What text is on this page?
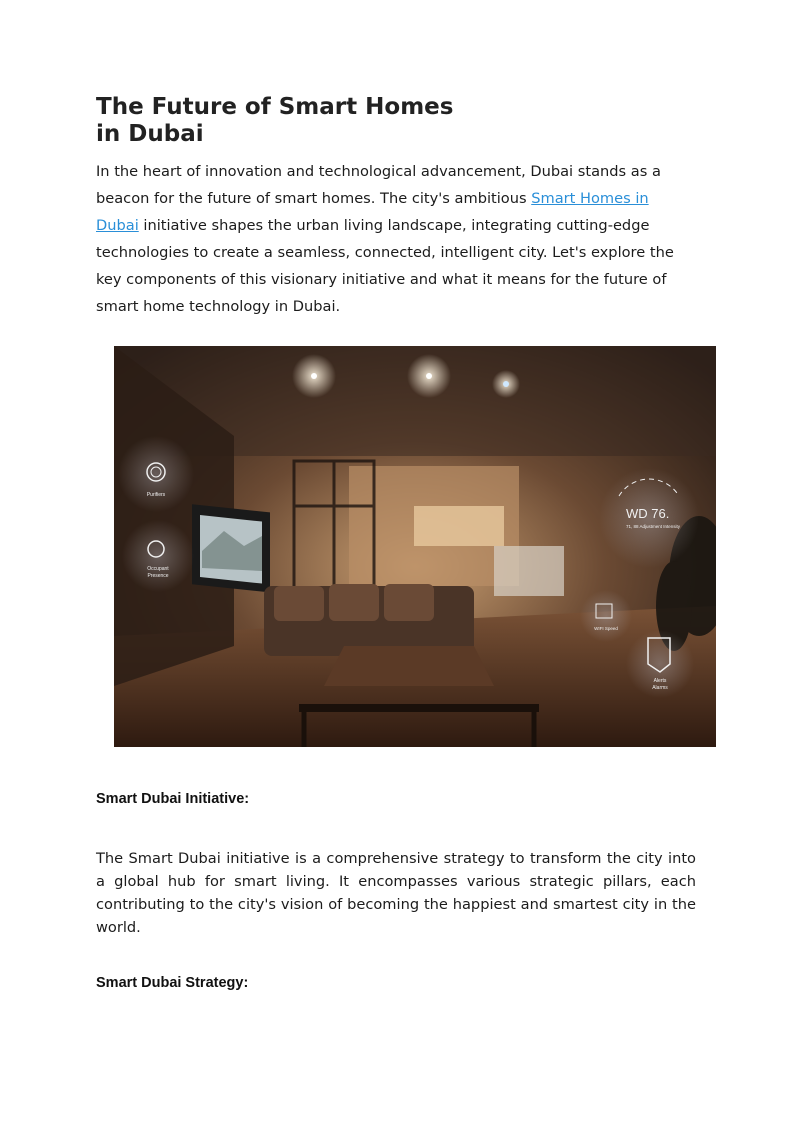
The Future of Smart Homes
in Dubai

In the heart of innovation and technological advancement, Dubai stands as a beacon for the future of smart homes. The city's ambitious Smart Homes in Dubai initiative shapes the urban living landscape, integrating cutting-edge technologies to create a seamless, connected, intelligent city. Let's explore the key components of this visionary initiative and what it means for the future of smart home technology in Dubai.

Purifiers
Occupant
Presence
WD 76.
71, 88 Adjustment Intensity
WIFI Speed
Alerts
Alarms
Smart Dubai Initiative:

The Smart Dubai initiative is a comprehensive strategy to transform the city into a global hub for smart living. It encompasses various strategic pillars, each contributing to the city's vision of becoming the happiest and smartest city in the world.

Smart Dubai Strategy:
